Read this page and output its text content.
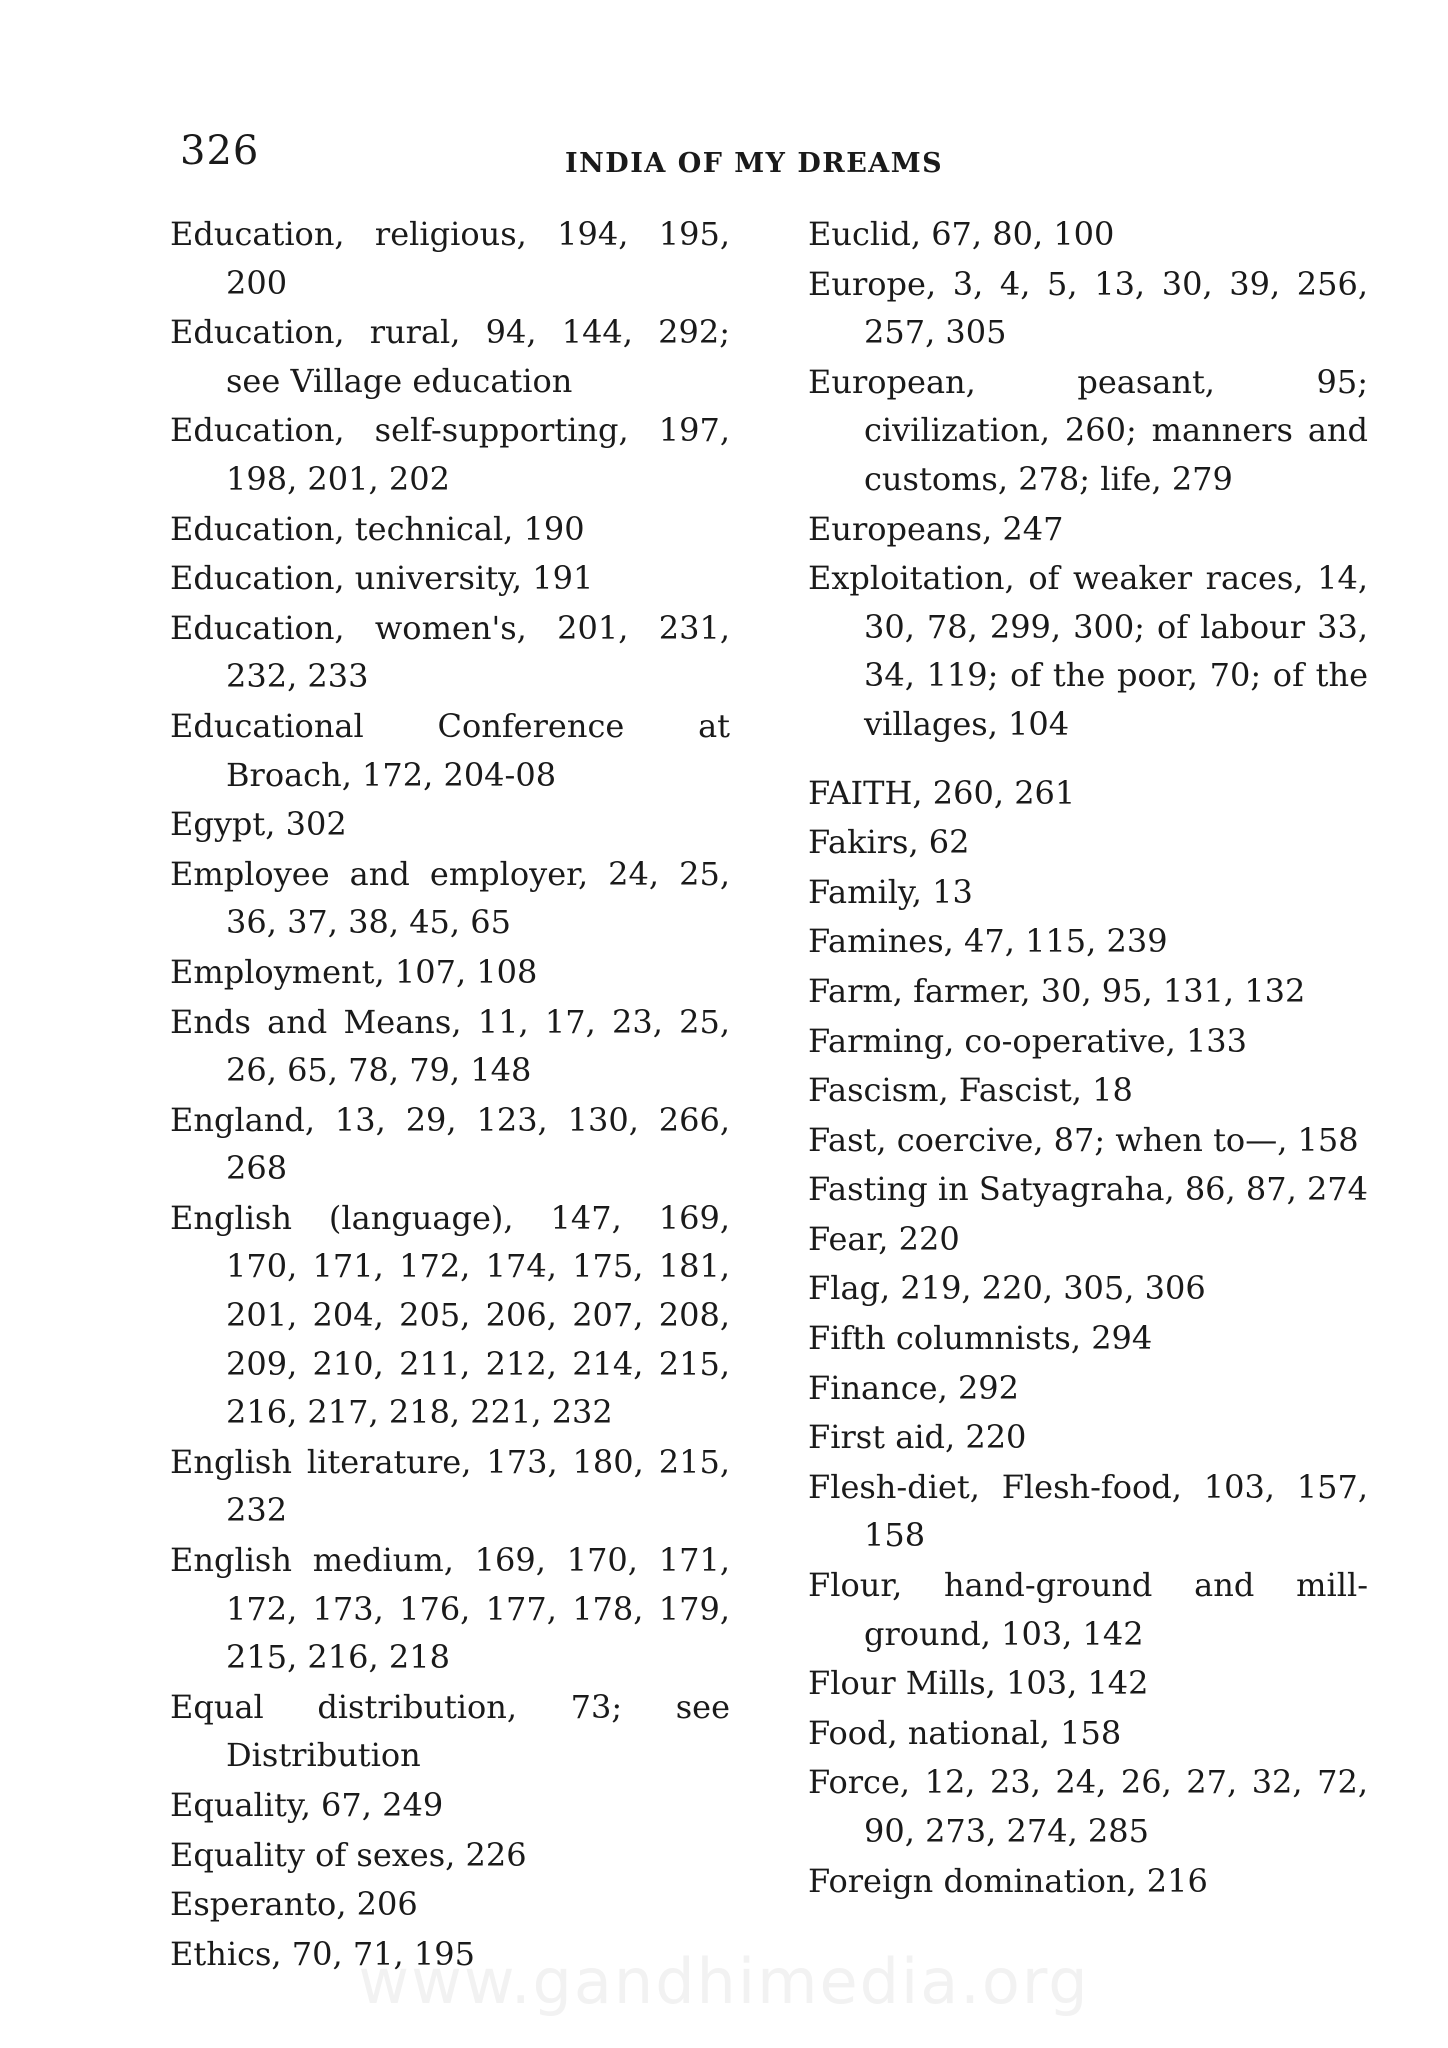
326	INDIA OF MY DREAMS
Education, religious, 194, 195, 200
Education, rural, 94, 144, 292; see Village education
Education, self-supporting, 197, 198, 201, 202
Education, technical, 190
Education, university, 191
Education, women's, 201, 231, 232, 233
Educational Conference at Broach, 172, 204-08
Egypt, 302
Employee and employer, 24, 25, 36, 37, 38, 45, 65
Employment, 107, 108
Ends and Means, 11, 17, 23, 25, 26, 65, 78, 79, 148
England, 13, 29, 123, 130, 266, 268
English (language), 147, 169, 170, 171, 172, 174, 175, 181, 201, 204, 205, 206, 207, 208, 209, 210, 211, 212, 214, 215, 216, 217, 218, 221, 232
English literature, 173, 180, 215, 232
English medium, 169, 170, 171, 172, 173, 176, 177, 178, 179, 215, 216, 218
Equal distribution, 73; see Distribution
Equality, 67, 249
Equality of sexes, 226
Esperanto, 206
Ethics, 70, 71, 195
Euclid, 67, 80, 100
Europe, 3, 4, 5, 13, 30, 39, 256, 257, 305
European, peasant, 95; civilization, 260; manners and customs, 278; life, 279
Europeans, 247
Exploitation, of weaker races, 14, 30, 78, 299, 300; of labour 33, 34, 119; of the poor, 70; of the villages, 104
FAITH, 260, 261
Fakirs, 62
Family, 13
Famines, 47, 115, 239
Farm, farmer, 30, 95, 131, 132
Farming, co-operative, 133
Fascism, Fascist, 18
Fast, coercive, 87; when to—, 158
Fasting in Satyagraha, 86, 87, 274
Fear, 220
Flag, 219, 220, 305, 306
Fifth columnists, 294
Finance, 292
First aid, 220
Flesh-diet, Flesh-food, 103, 157, 158
Flour, hand-ground and mill-ground, 103, 142
Flour Mills, 103, 142
Food, national, 158
Force, 12, 23, 24, 26, 27, 32, 72, 90, 273, 274, 285
Foreign domination, 216
www.gandhimedia.org
